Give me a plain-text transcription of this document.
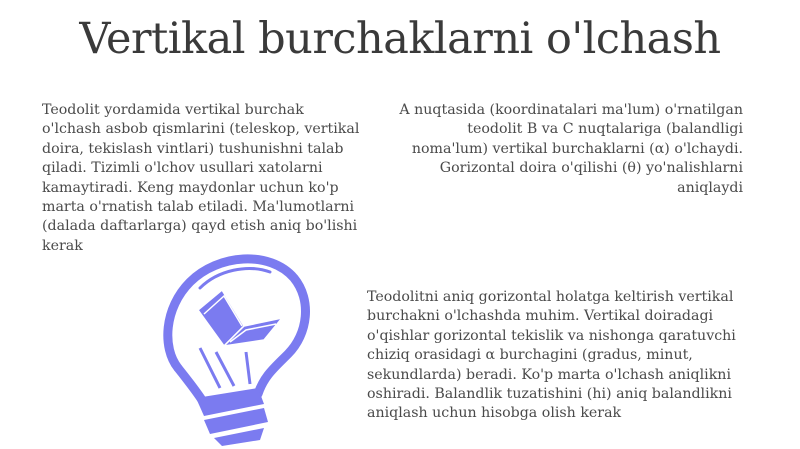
Vertikal burchaklarni o'lchash
Teodolit yordamida vertikal burchak o'lchash asbob qismlarini (teleskop, vertikal doira, tekislash vintlari) tushunishni talab qiladi. Tizimli o'lchov usullari xatolarni kamaytiradi. Keng maydonlar uchun ko'p marta o'rnatish talab etiladi. Ma'lumotlarni (dalada daftarlarga) qayd etish aniq bo'lishi kerak
A nuqtasida (koordinatalari ma'lum) o'rnatilgan teodolit B va C nuqtalariga (balandligi noma'lum) vertikal burchaklarni (α) o'lchaydi. Gorizontal doira o'qilishi (θ) yo'nalishlarni aniqlaydi
Teodolitni aniq gorizontal holatga keltirish vertikal burchakni o'lchashda muhim. Vertikal doiradagi o'qishlar gorizontal tekislik va nishonga qaratuvchi chiziq orasidagi α burchagini (gradus, minut, sekundlarda) beradi. Ko'p marta o'lchash aniqlikni oshiradi. Balandlik tuzatishini (hi) aniq balandlikni aniqlash uchun hisobga olish kerak
